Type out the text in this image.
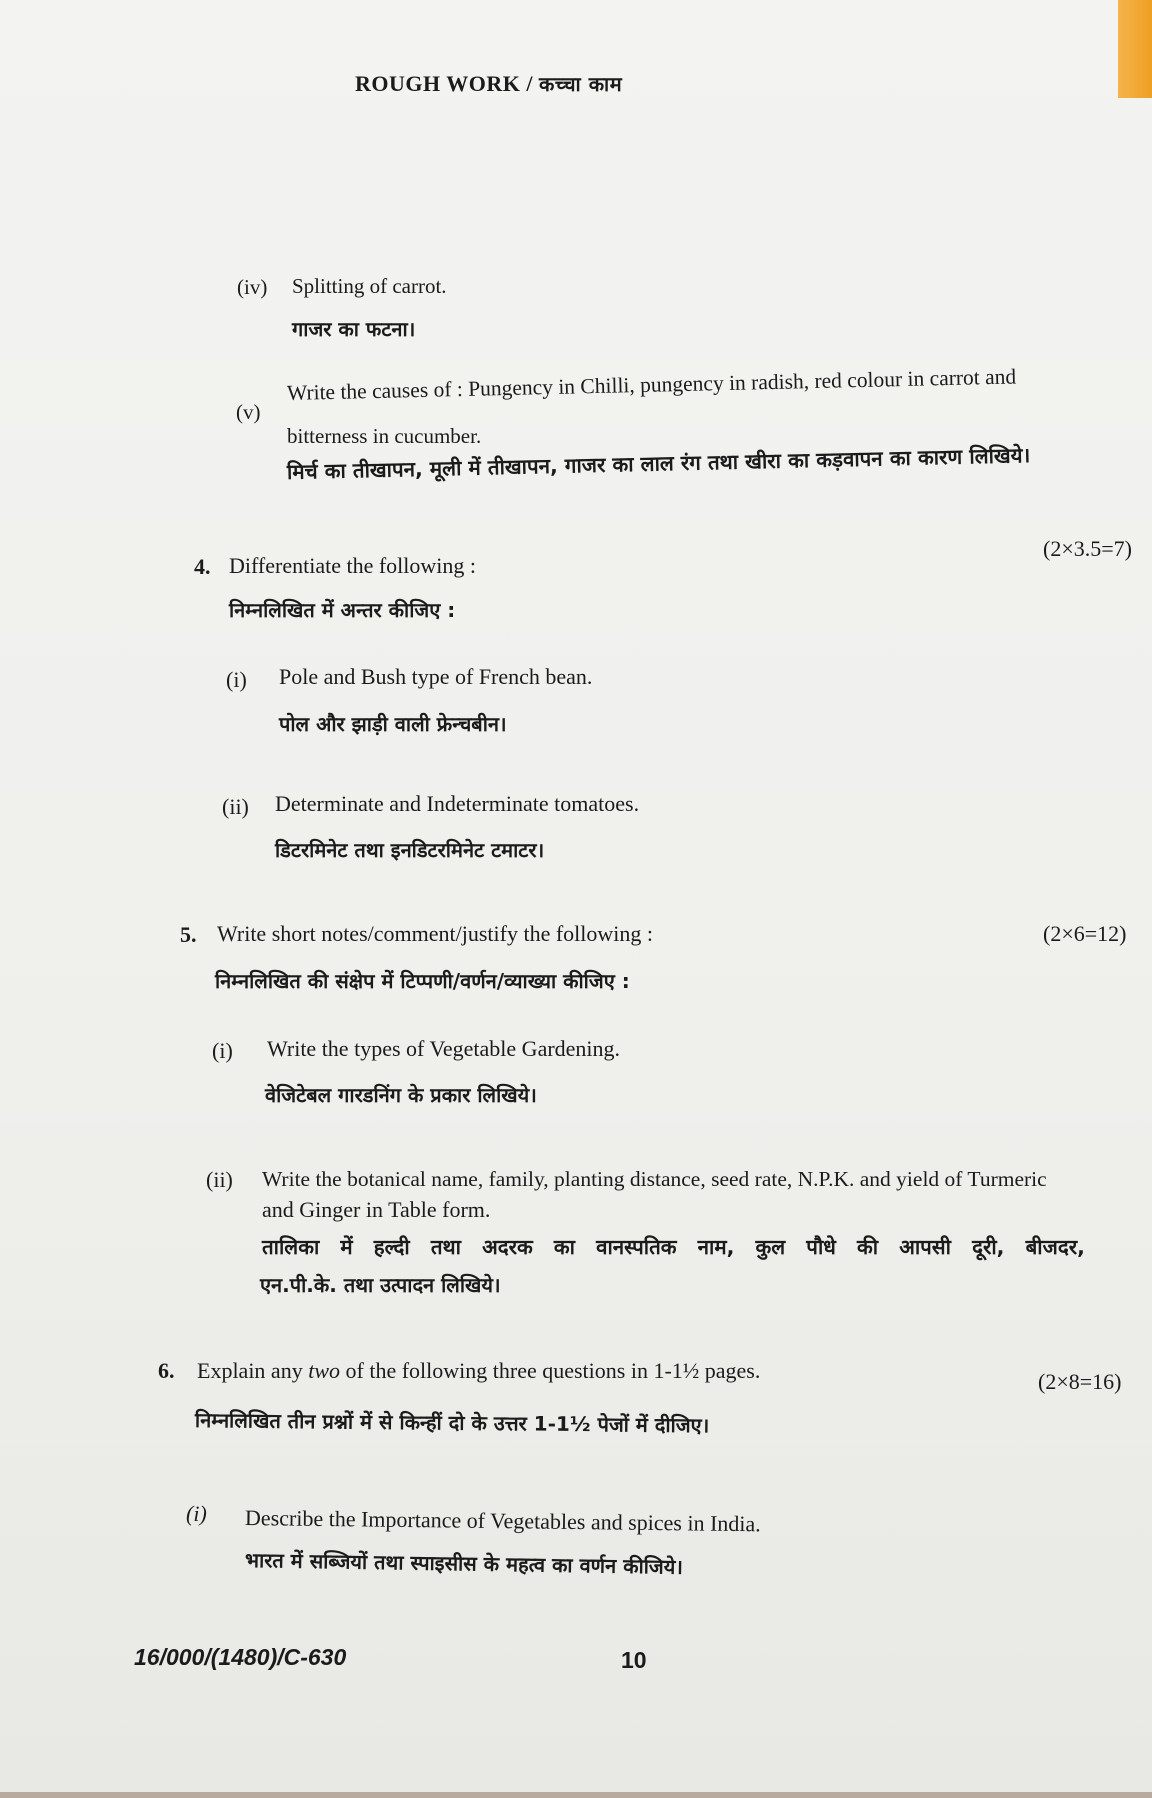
ROUGH WORK / कच्चा काम
(iv) Splitting of carrot.
गाजर का फटना।
(v)
Write the causes of : Pungency in Chilli, pungency in radish, red colour in carrot and
bitterness in cucumber.
मिर्च का तीखापन, मूली में तीखापन, गाजर का लाल रंग तथा खीरा का कड़वापन का कारण लिखिये।
4. Differentiate the following :
(2×3.5=7)
निम्नलिखित में अन्तर कीजिए :
(i) Pole and Bush type of French bean.
पोल और झाड़ी वाली फ्रेन्चबीन।
(ii) Determinate and Indeterminate tomatoes.
डिटरमिनेट तथा इनडिटरमिनेट टमाटर।
5. Write short notes/comment/justify the following :	(2×6=12)
निम्नलिखित की संक्षेप में टिप्पणी/वर्णन/व्याख्या कीजिए :
(i) Write the types of Vegetable Gardening.
वेजिटेबल गारडनिंग के प्रकार लिखिये।
(ii) Write the botanical name, family, planting distance, seed rate, N.P.K. and yield of Turmeric
and Ginger in Table form.
तालिका में हल्दी तथा अदरक का वानस्पतिक नाम, कुल पौधे की आपसी दूरी, बीजदर,
एन.पी.के. तथा उत्पादन लिखिये।
6. Explain any two of the following three questions in 1-1½ pages.	(2×8=16)
निम्नलिखित तीन प्रश्नों में से किन्हीं दो के उत्तर 1-1½ पेजों में दीजिए।
(i) Describe the Importance of Vegetables and spices in India.
भारत में सब्जियों तथा स्पाइसीस के महत्व का वर्णन कीजिये।
16/000/(1480)/C-630	10
